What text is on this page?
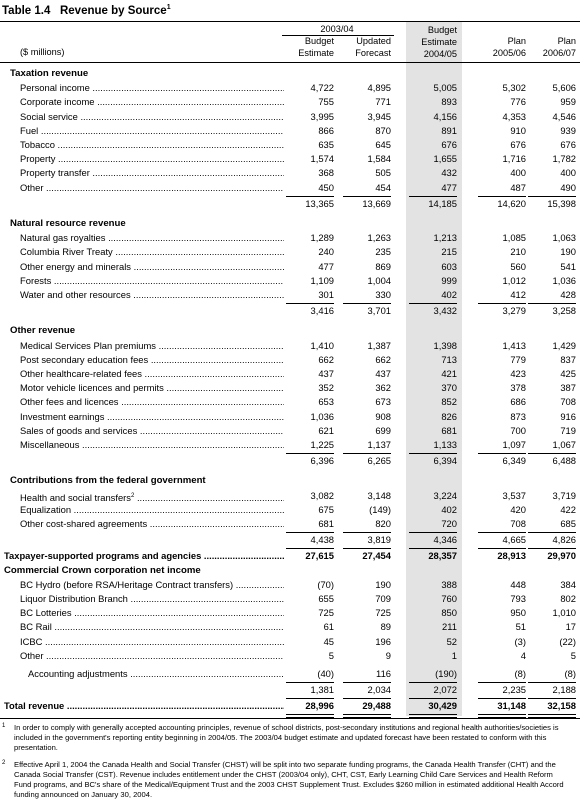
Table 1.4 Revenue by Source$^1$
2003/04
($ millions)
Budget
Estimate
Updated
Forecast
Budget
Estimate
2004/05
Plan
2005/06
Plan
2006/07
Taxation revenue
Personal income .....	4,722	4,895	5,005	5,302	5,606
Corporate income .....	755	771	893	776	959
Social service .....	3,995	3,945	4,156	4,353	4,546
Fuel .....	866	870	891	910	939
Tobacco .....	635	645	676	676	676
Property .....	1,574	1,584	1,655	1,716	1,782
Property transfer .....	368	505	432	400	400
Other .....	450	454	477	487	490
13,365	13,669	14,185	14,620	15,398
Natural resource revenue
Natural gas royalties .....	1,289	1,263	1,213	1,085	1,063
Columbia River Treaty .....	240	235	215	210	190
Other energy and minerals .....	477	869	603	560	541
Forests .....	1,109	1,004	999	1,012	1,036
Water and other resources .....	301	330	402	412	428
3,416	3,701	3,432	3,279	3,258
Other revenue
Medical Services Plan premiums .....	1,410	1,387	1,398	1,413	1,429
Post secondary education fees .....	662	662	713	779	837
Other healthcare-related fees .....	437	437	421	423	425
Motor vehicle licences and permits .....	352	362	370	378	387
Other fees and licences .....	653	673	852	686	708
Investment earnings .....	1,036	908	826	873	916
Sales of goods and services .....	621	699	681	700	719
Miscellaneous .....	1,225	1,137	1,133	1,097	1,067
6,396	6,265	6,394	6,349	6,488
Contributions from the federal government
Health and social transfers$^2$ .....	3,082	3,148	3,224	3,537	3,719
Equalization .....	675	(149)	402	420	422
Other cost-shared agreements .....	681	820	720	708	685
4,438	3,819	4,346	4,665	4,826
Taxpayer-supported programs and agencies .....	27,615	27,454	28,357	28,913	29,970
Commercial Crown corporation net income
BC Hydro (before RSA/Heritage Contract transfers) .....	(70)	190	388	448	384
Liquor Distribution Branch .....	655	709	760	793	802
BC Lotteries .....	725	725	850	950	1,010
BC Rail .....	61	89	211	51	17
ICBC .....	45	196	52	(3)	(22)
Other .....	5	9	1	4	5
Accounting adjustments .....	(40)	116	(190)	(8)	(8)
1,381	2,034	2,072	2,235	2,188
Total revenue .....	28,996	29,488	30,429	31,148	32,158
1 In order to comply with generally accepted accounting principles, revenue of school districts, post-secondary institutions and regional health authorities/societies is included in the government's reporting entity beginning in 2004/05. The 2003/04 budget estimate and updated forecast have been restated to conform with this presentation.
2 Effective April 1, 2004 the Canada Health and Social Transfer (CHST) will be split into two separate funding programs, the Canada Health Transfer (CHT) and the Canada Social Transfer (CST). Revenue includes entitlement under the CHST (2003/04 only), CHT, CST, Early Learning Child Care Services and Health Reform Fund programs, and BC's share of the Medical/Equipment Trust and the 2003 CHST Supplement Trust. Excludes $260 million in estimated additional Health Accord funding announced on January 30, 2004.
